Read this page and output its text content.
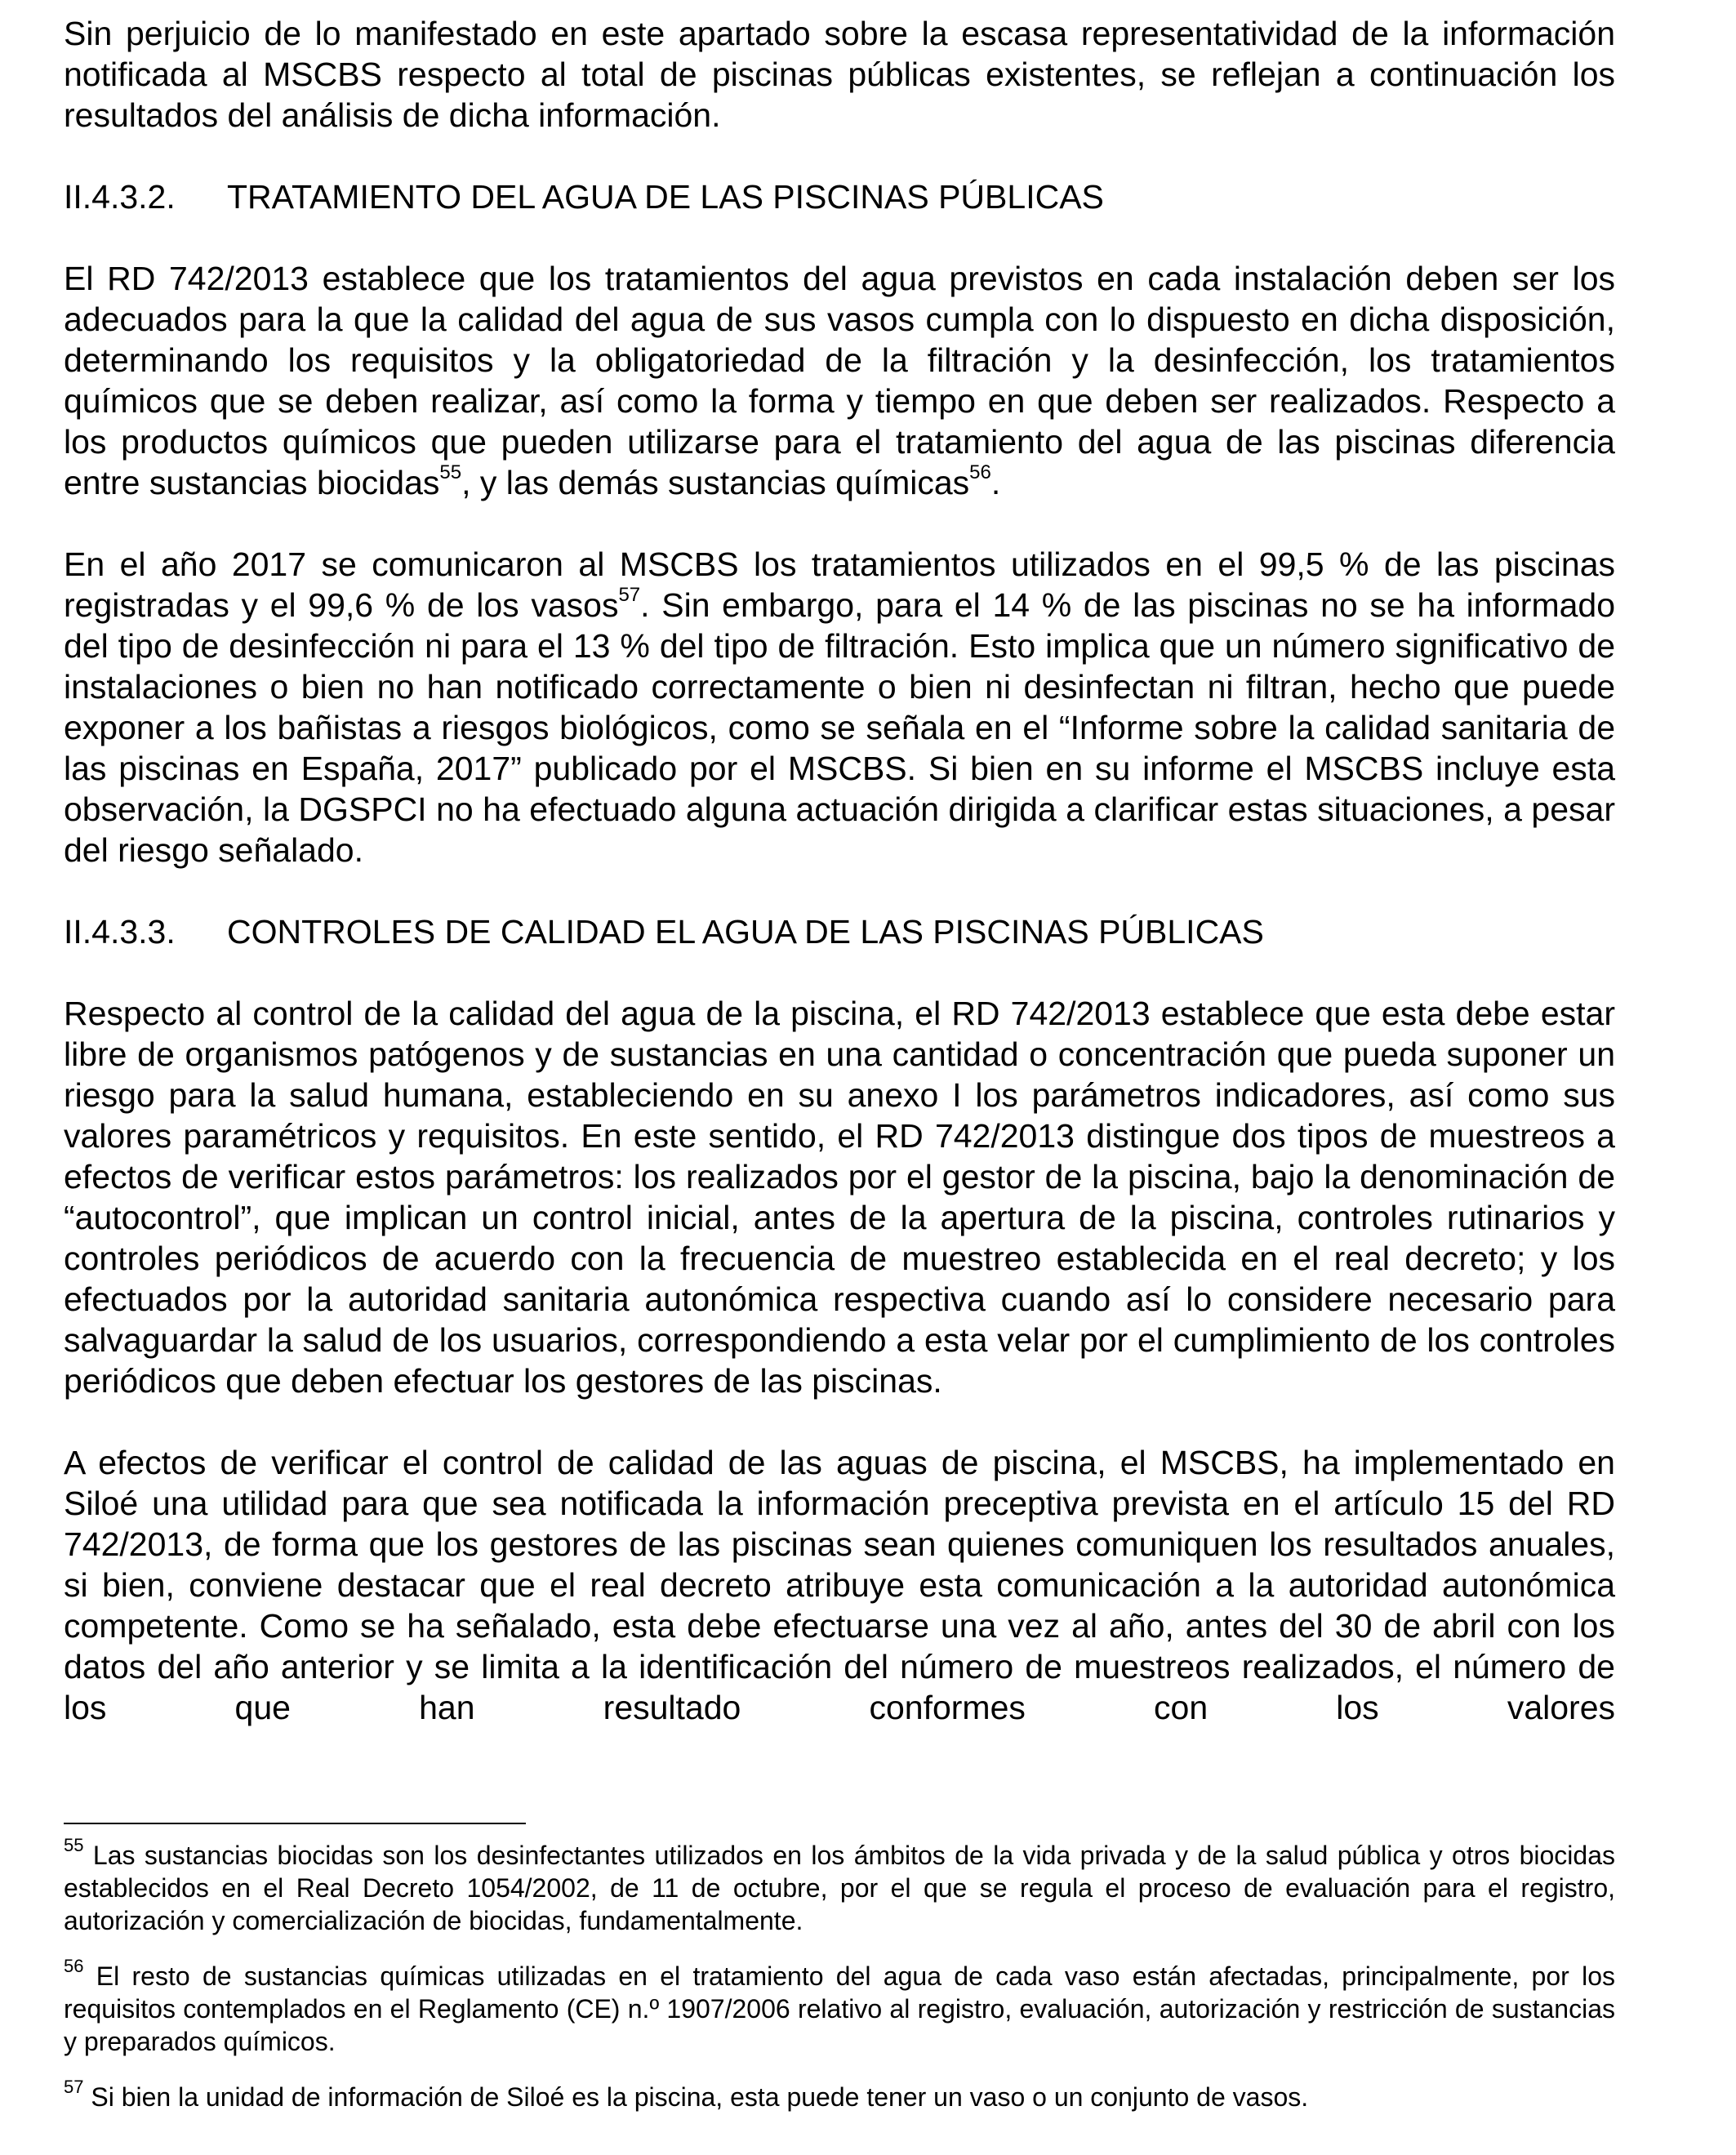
Sin perjuicio de lo manifestado en este apartado sobre la escasa representatividad de la información notificada al MSCBS respecto al total de piscinas públicas existentes, se reflejan a continuación los resultados del análisis de dicha información.

II.4.3.2.	TRATAMIENTO DEL AGUA DE LAS PISCINAS PÚBLICAS

El RD 742/2013 establece que los tratamientos del agua previstos en cada instalación deben ser los adecuados para la que la calidad del agua de sus vasos cumpla con lo dispuesto en dicha disposición, determinando los requisitos y la obligatoriedad de la filtración y la desinfección, los tratamientos químicos que se deben realizar, así como la forma y tiempo en que deben ser realizados. Respecto a los productos químicos que pueden utilizarse para el tratamiento del agua de las piscinas diferencia entre sustancias biocidas$^{55}$, y las demás sustancias químicas$^{56}$.

En el año 2017 se comunicaron al MSCBS los tratamientos utilizados en el 99,5 % de las piscinas registradas y el 99,6 % de los vasos$^{57}$. Sin embargo, para el 14 % de las piscinas no se ha informado del tipo de desinfección ni para el 13 % del tipo de filtración. Esto implica que un número significativo de instalaciones o bien no han notificado correctamente o bien ni desinfectan ni filtran, hecho que puede exponer a los bañistas a riesgos biológicos, como se señala en el “Informe sobre la calidad sanitaria de las piscinas en España, 2017” publicado por el MSCBS. Si bien en su informe el MSCBS incluye esta observación, la DGSPCI no ha efectuado alguna actuación dirigida a clarificar estas situaciones, a pesar del riesgo señalado.

II.4.3.3.	CONTROLES DE CALIDAD EL AGUA DE LAS PISCINAS PÚBLICAS

Respecto al control de la calidad del agua de la piscina, el RD 742/2013 establece que esta debe estar libre de organismos patógenos y de sustancias en una cantidad o concentración que pueda suponer un riesgo para la salud humana, estableciendo en su anexo I los parámetros indicadores, así como sus valores paramétricos y requisitos. En este sentido, el RD 742/2013 distingue dos tipos de muestreos a efectos de verificar estos parámetros: los realizados por el gestor de la piscina, bajo la denominación de “autocontrol”, que implican un control inicial, antes de la apertura de la piscina, controles rutinarios y controles periódicos de acuerdo con la frecuencia de muestreo establecida en el real decreto; y los efectuados por la autoridad sanitaria autonómica respectiva cuando así lo considere necesario para salvaguardar la salud de los usuarios, correspondiendo a esta velar por el cumplimiento de los controles periódicos que deben efectuar los gestores de las piscinas.

A efectos de verificar el control de calidad de las aguas de piscina, el MSCBS, ha implementado en Siloé una utilidad para que sea notificada la información preceptiva prevista en el artículo 15 del RD 742/2013, de forma que los gestores de las piscinas sean quienes comuniquen los resultados anuales, si bien, conviene destacar que el real decreto atribuye esta comunicación a la autoridad autonómica competente. Como se ha señalado, esta debe efectuarse una vez al año, antes del 30 de abril con los datos del año anterior y se limita a la identificación del número de muestreos realizados, el número de los que han resultado conformes con los valores

$^{55}$ Las sustancias biocidas son los desinfectantes utilizados en los ámbitos de la vida privada y de la salud pública y otros biocidas establecidos en el Real Decreto 1054/2002, de 11 de octubre, por el que se regula el proceso de evaluación para el registro, autorización y comercialización de biocidas, fundamentalmente.

$^{56}$ El resto de sustancias químicas utilizadas en el tratamiento del agua de cada vaso están afectadas, principalmente, por los requisitos contemplados en el Reglamento (CE) n.º 1907/2006 relativo al registro, evaluación, autorización y restricción de sustancias y preparados químicos.

$^{57}$ Si bien la unidad de información de Siloé es la piscina, esta puede tener un vaso o un conjunto de vasos.
